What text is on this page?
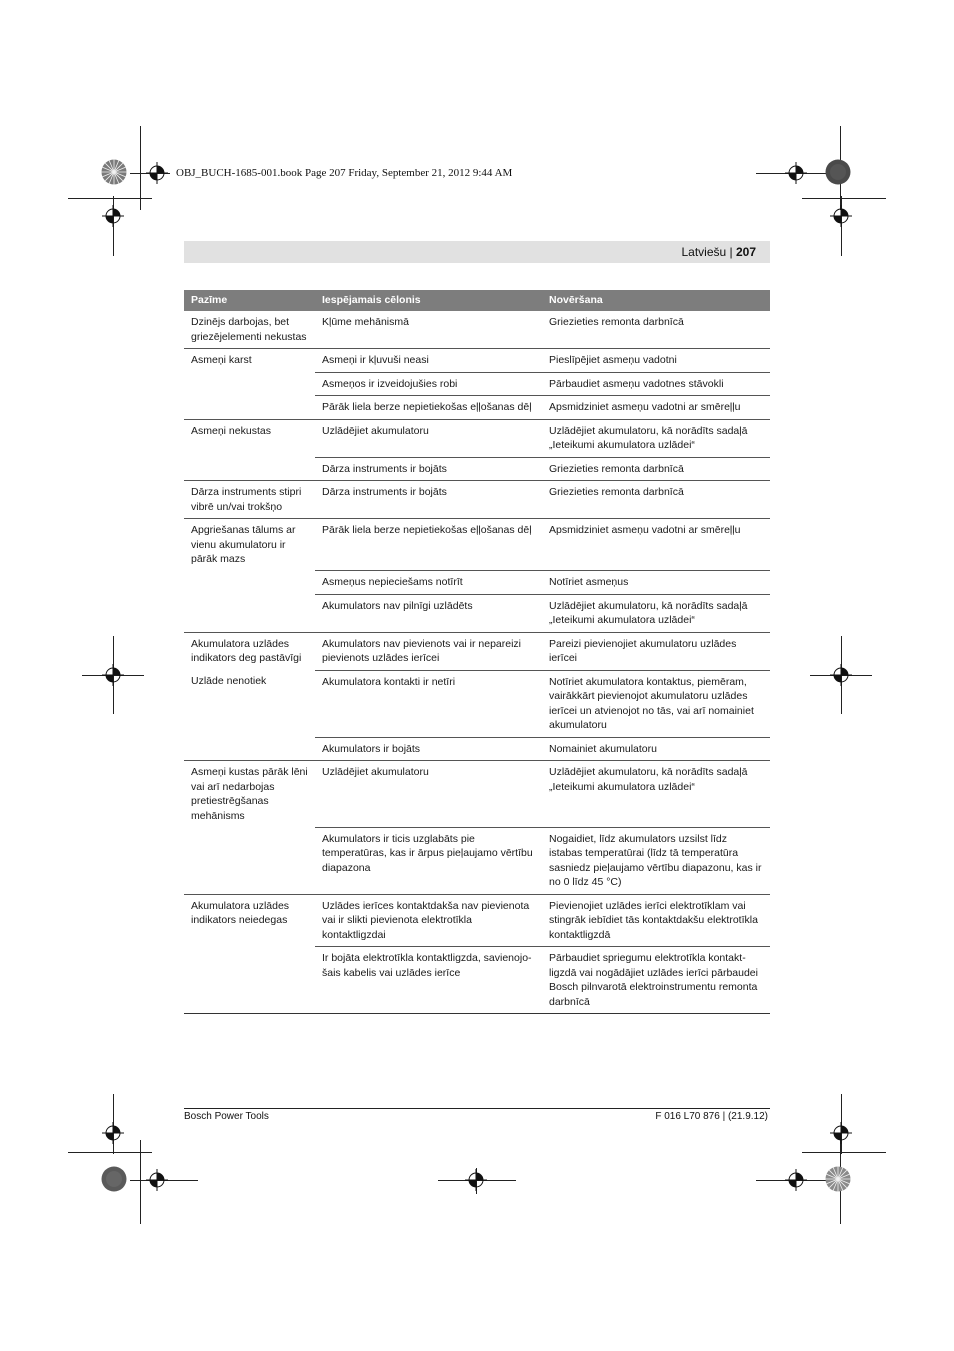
OBJ_BUCH-1685-001.book Page 207 Friday, September 21, 2012 9:44 AM
Latviešu | 207
Pazīme	Iespējamais cēlonis	Novēršana
Dzinējs darbojas, bet griezējelementi nekustas	Kļūme mehānismā	Griezieties remonta darbnīcā
Asmeņi karst	Asmeņi ir kļuvuši neasi	Pieslīpējiet asmeņu vadotni
	Asmeņos ir izveidojušies robi	Pārbaudiet asmeņu vadotnes stāvokli
	Pārāk liela berze nepietiekošas eļļošanas dēļ	Apsmidziniet asmeņu vadotni ar smēreļļu
Asmeņi nekustas	Uzlādējiet akumulatoru	Uzlādējiet akumulatoru, kā norādīts sadaļā „Ieteikumi akumulatora uzlādei“
	Dārza instruments ir bojāts	Griezieties remonta darbnīcā
Dārza instruments stipri vibrē un/vai trokšņo	Dārza instruments ir bojāts	Griezieties remonta darbnīcā
Apgriešanas tālums ar vienu akumulatoru ir pārāk mazs	Pārāk liela berze nepietiekošas eļļošanas dēļ	Apsmidziniet asmeņu vadotni ar smēreļļu
	Asmeņus nepieciešams notīrīt	Notīriet asmeņus
	Akumulators nav pilnīgi uzlādēts	Uzlādējiet akumulatoru, kā norādīts sadaļā „Ieteikumi akumulatora uzlādei“
Akumulatora uzlādes indikators deg pastāvīgi	Akumulators nav pievienots vai ir nepareizi pievienots uzlādes ierīcei	Pareizi pievienojiet akumulatoru uzlādes ierīcei
Uzlāde nenotiek	Akumulatora kontakti ir netīri	Notīriet akumulatora kontaktus, piemēram, vairākkārt pievienojot akumulatoru uzlādes ierīcei un atvienojot no tās, vai arī nomainiet akumulatoru
	Akumulators ir bojāts	Nomainiet akumulatoru
Asmeņi kustas pārāk lēni vai arī nedarbojas pretiestrēgšanas mehānisms	Uzlādējiet akumulatoru	Uzlādējiet akumulatoru, kā norādīts sadaļā „Ieteikumi akumulatora uzlādei“
	Akumulators ir ticis uzglabāts pie temperatūras, kas ir ārpus pieļaujamo vērtību diapazona	Nogaidiet, līdz akumulators uzsilst līdz istabas temperatūrai (līdz tā temperatūra sasniedz pieļaujamo vērtību diapazonu, kas ir no 0 līdz 45 °C)
Akumulatora uzlādes indikators neiedegas	Uzlādes ierīces kontaktdakša nav pievienota vai ir slikti pievienota elektrotīkla kontaktligzdai	Pievienojiet uzlādes ierīci elektrotīklam vai stingrāk iebīdiet tās kontaktdakšu elektrotīkla kontaktligzdā
	Ir bojāta elektrotīkla kontaktligzda, savienojo-šais kabelis vai uzlādes ierīce	Pārbaudiet spriegumu elektrotīkla kontakt-ligzdā vai nogādājiet uzlādes ierīci pārbaudei Bosch pilnvarotā elektroinstrumentu remonta darbnīcā
Bosch Power Tools	F 016 L70 876 | (21.9.12)
